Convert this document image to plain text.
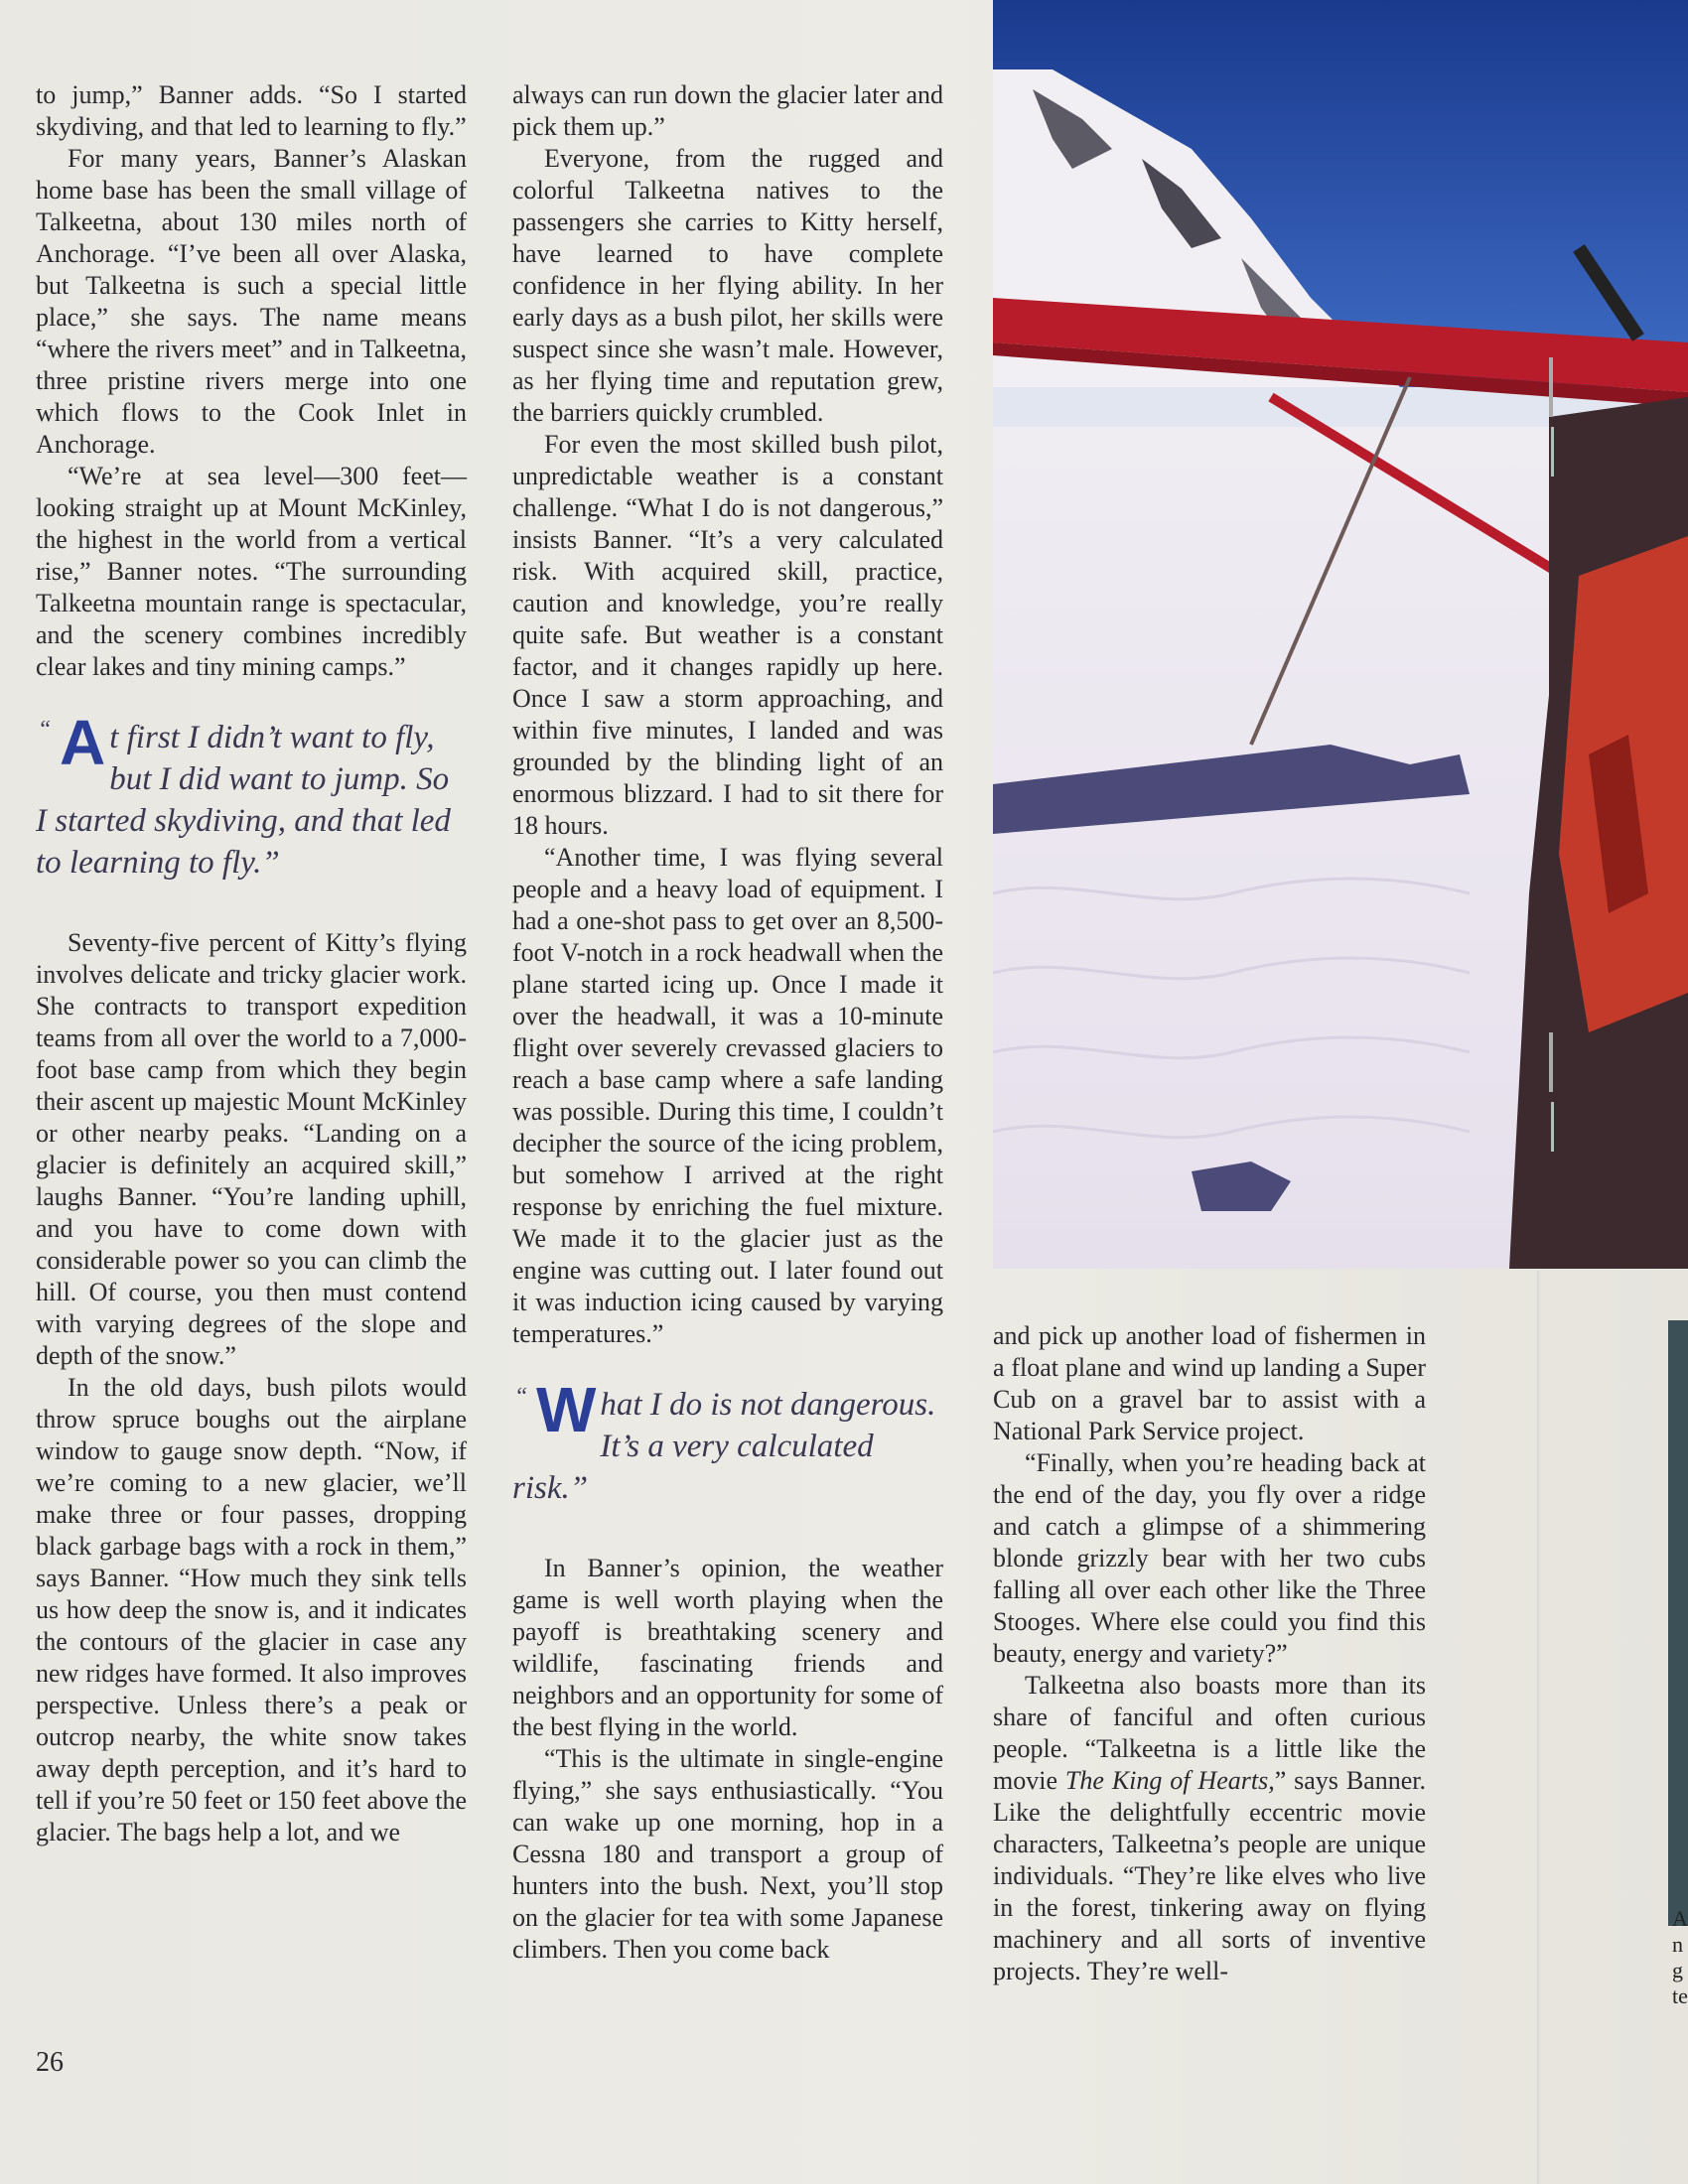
to jump,” Banner adds. “So I started skydiving, and that led to learning to fly.”

For many years, Banner’s Alaskan home base has been the small village of Talkeetna, about 130 miles north of Anchorage. “I’ve been all over Alaska, but Talkeetna is such a special little place,” she says. The name means “where the rivers meet” and in Talkeetna, three pristine rivers merge into one which flows to the Cook Inlet in Anchorage.

“We’re at sea level—300 feet—looking straight up at Mount McKinley, the highest in the world from a vertical rise,” Banner notes. “The surrounding Talkeetna mountain range is spectacular, and the scenery combines incredibly clear lakes and tiny mining camps.”

“ A t first I didn’t want to fly, but I did want to jump. So I started skydiving, and that led to learning to fly.”

Seventy-five percent of Kitty’s flying involves delicate and tricky glacier work. She contracts to transport expedition teams from all over the world to a 7,000-foot base camp from which they begin their ascent up majestic Mount McKinley or other nearby peaks. “Landing on a glacier is definitely an acquired skill,” laughs Banner. “You’re landing uphill, and you have to come down with considerable power so you can climb the hill. Of course, you then must contend with varying degrees of the slope and depth of the snow.”

In the old days, bush pilots would throw spruce boughs out the airplane window to gauge snow depth. “Now, if we’re coming to a new glacier, we’ll make three or four passes, dropping black garbage bags with a rock in them,” says Banner. “How much they sink tells us how deep the snow is, and it indicates the contours of the glacier in case any new ridges have formed. It also improves perspective. Unless there’s a peak or outcrop nearby, the white snow takes away depth perception, and it’s hard to tell if you’re 50 feet or 150 feet above the glacier. The bags help a lot, and we

always can run down the glacier later and pick them up.”

Everyone, from the rugged and colorful Talkeetna natives to the passengers she carries to Kitty herself, have learned to have complete confidence in her flying ability. In her early days as a bush pilot, her skills were suspect since she wasn’t male. However, as her flying time and reputation grew, the barriers quickly crumbled.

For even the most skilled bush pilot, unpredictable weather is a constant challenge. “What I do is not dangerous,” insists Banner. “It’s a very calculated risk. With acquired skill, practice, caution and knowledge, you’re really quite safe. But weather is a constant factor, and it changes rapidly up here. Once I saw a storm approaching, and within five minutes, I landed and was grounded by the blinding light of an enormous blizzard. I had to sit there for 18 hours.

“Another time, I was flying several people and a heavy load of equipment. I had a one-shot pass to get over an 8,500-foot V-notch in a rock headwall when the plane started icing up. Once I made it over the headwall, it was a 10-minute flight over severely crevassed glaciers to reach a base camp where a safe landing was possible. During this time, I couldn’t decipher the source of the icing problem, but somehow I arrived at the right response by enriching the fuel mixture. We made it to the glacier just as the engine was cutting out. I later found out it was induction icing caused by varying temperatures.”

“ W hat I do is not dangerous. It’s a very calculated risk.”

In Banner’s opinion, the weather game is well worth playing when the payoff is breathtaking scenery and wildlife, fascinating friends and neighbors and an opportunity for some of the best flying in the world.

“This is the ultimate in single-engine flying,” she says enthusiastically. “You can wake up one morning, hop in a Cessna 180 and transport a group of hunters into the bush. Next, you’ll stop on the glacier for tea with some Japanese climbers. Then you come back

and pick up another load of fishermen in a float plane and wind up landing a Super Cub on a gravel bar to assist with a National Park Service project.

“Finally, when you’re heading back at the end of the day, you fly over a ridge and catch a glimpse of a shimmering blonde grizzly bear with her two cubs falling all over each other like the Three Stooges. Where else could you find this beauty, energy and variety?”

Talkeetna also boasts more than its share of fanciful and often curious people. “Talkeetna is a little like the movie The King of Hearts,” says Banner. Like the delightfully eccentric movie characters, Talkeetna’s people are unique individuals. “They’re like elves who live in the forest, tinkering away on flying machinery and all sorts of inventive projects. They’re well-

A
n
g
te
26
